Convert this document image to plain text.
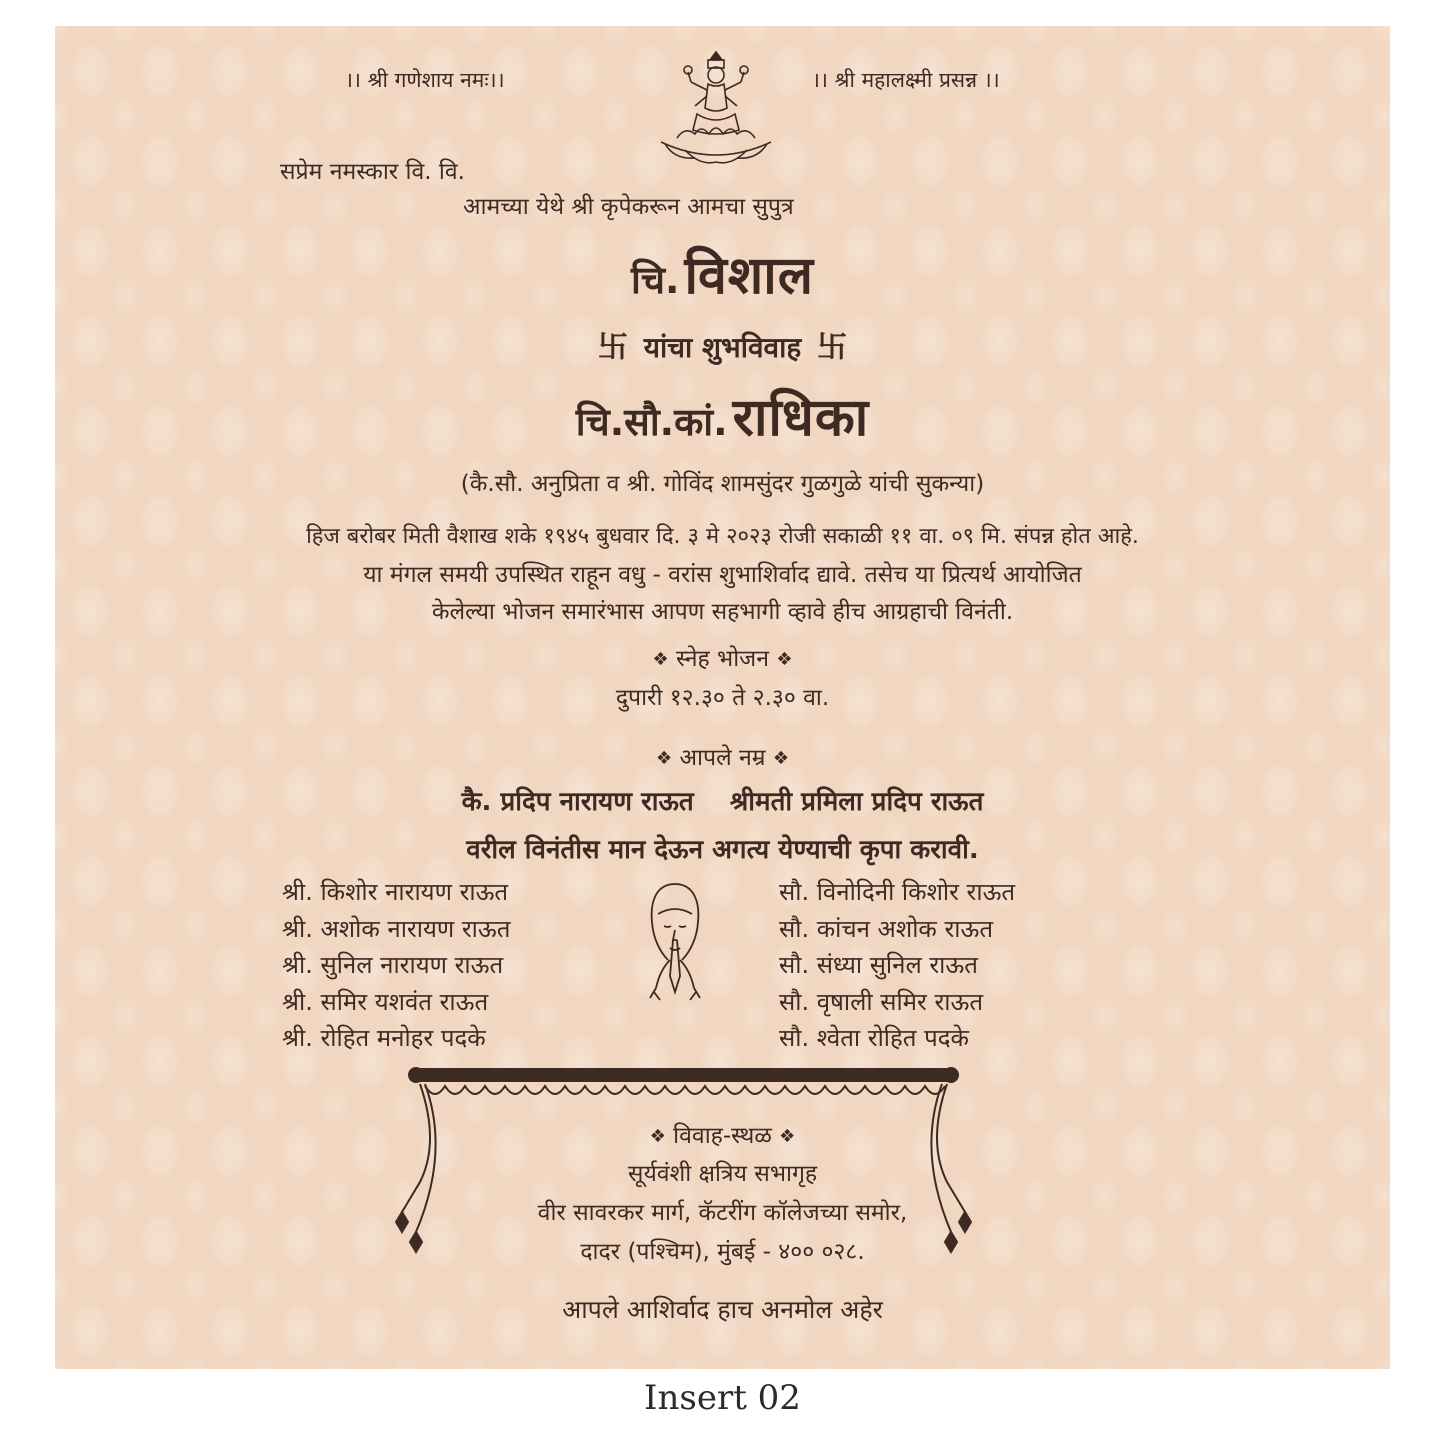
।। श्री गणेशाय नमः।।	।। श्री महालक्ष्मी प्रसन्न ।।
सप्रेम नमस्कार वि. वि.
आमच्या येथे श्री कृपेकरून आमचा सुपुत्र
चि. विशाल
卐 यांचा शुभविवाह 卐
चि.सौ.कां. राधिका
(कै.सौ. अनुप्रिता व श्री. गोविंद शामसुंदर गुळगुळे यांची सुकन्या)
हिज बरोबर मिती वैशाख शके १९४५ बुधवार दि. ३ मे २०२३ रोजी सकाळी ११ वा. ०९ मि. संपन्न होत आहे.
या मंगल समयी उपस्थित राहून वधु - वरांस शुभाशिर्वाद द्यावे. तसेच या प्रित्यर्थ आयोजित
केलेल्या भोजन समारंभास आपण सहभागी व्हावे हीच आग्रहाची विनंती.
❖ स्नेह भोजन ❖
दुपारी १२.३० ते २.३० वा.
❖ आपले नम्र ❖
कै. प्रदिप नारायण राऊत    श्रीमती प्रमिला प्रदिप राऊत
वरील विनंतीस मान देऊन अगत्य येण्याची कृपा करावी.
श्री. किशोर नारायण राऊत
श्री. अशोक नारायण राऊत
श्री. सुनिल नारायण राऊत
श्री. समिर यशवंत राऊत
श्री. रोहित मनोहर पदके
सौ. विनोदिनी किशोर राऊत
सौ. कांचन अशोक राऊत
सौ. संध्या सुनिल राऊत
सौ. वृषाली समिर राऊत
सौ. श्वेता रोहित पदके
❖ विवाह-स्थळ ❖
सूर्यवंशी क्षत्रिय सभागृह
वीर सावरकर मार्ग, कॅटरींग कॉलेजच्या समोर,
दादर (पश्चिम), मुंबई - ४०० ०२८.
आपले आशिर्वाद हाच अनमोल अहेर
Insert 02
